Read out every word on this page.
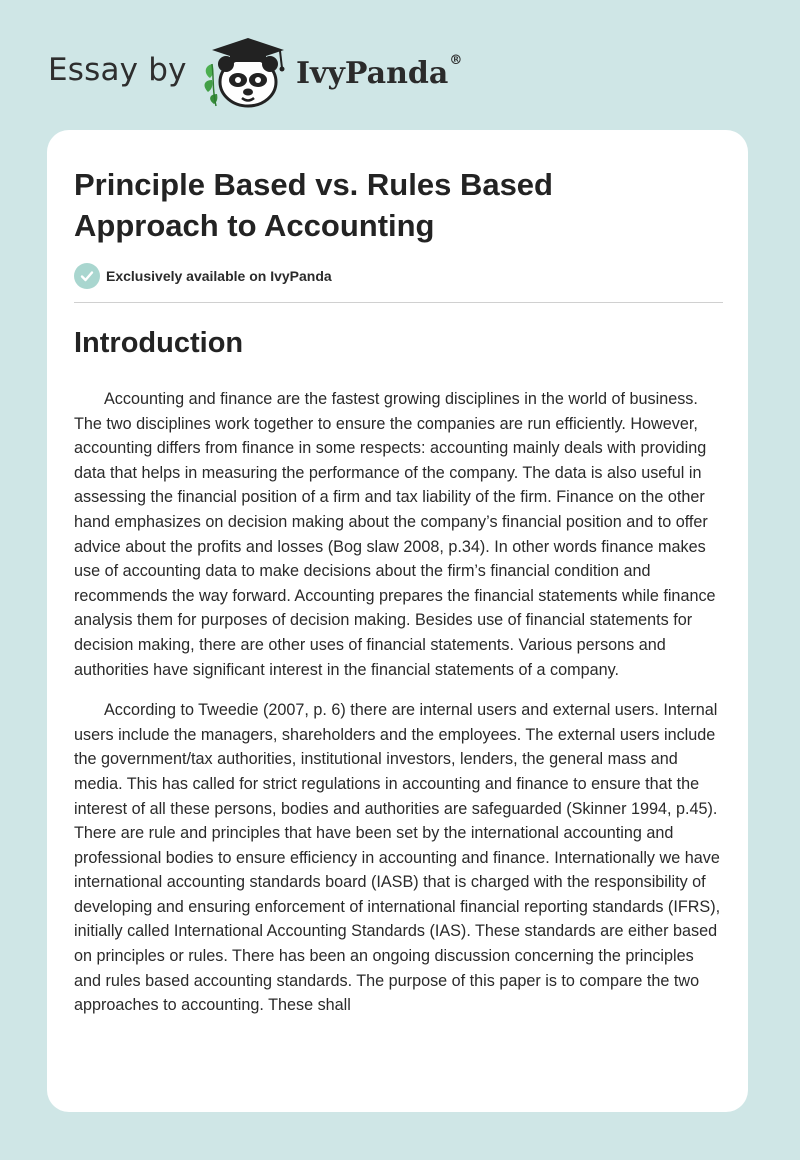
Essay by	IvyPanda®
Principle Based vs. Rules Based Approach to Accounting
Exclusively available on IvyPanda
Introduction

Accounting and finance are the fastest growing disciplines in the world of business. The two disciplines work together to ensure the companies are run efficiently. However, accounting differs from finance in some respects: accounting mainly deals with providing data that helps in measuring the performance of the company. The data is also useful in assessing the financial position of a firm and tax liability of the firm. Finance on the other hand emphasizes on decision making about the company’s financial position and to offer advice about the profits and losses (Bog slaw 2008, p.34). In other words finance makes use of accounting data to make decisions about the firm’s financial condition and recommends the way forward. Accounting prepares the financial statements while finance analysis them for purposes of decision making. Besides use of financial statements for decision making, there are other uses of financial statements. Various persons and authorities have significant interest in the financial statements of a company.

According to Tweedie (2007, p. 6) there are internal users and external users. Internal users include the managers, shareholders and the employees. The external users include the government/tax authorities, institutional investors, lenders, the general mass and media. This has called for strict regulations in accounting and finance to ensure that the interest of all these persons, bodies and authorities are safeguarded (Skinner 1994, p.45). There are rule and principles that have been set by the international accounting and professional bodies to ensure efficiency in accounting and finance. Internationally we have international accounting standards board (IASB) that is charged with the responsibility of developing and ensuring enforcement of international financial reporting standards (IFRS), initially called International Accounting Standards (IAS). These standards are either based on principles or rules. There has been an ongoing discussion concerning the principles and rules based accounting standards. The purpose of this paper is to compare the two approaches to accounting. These shall
